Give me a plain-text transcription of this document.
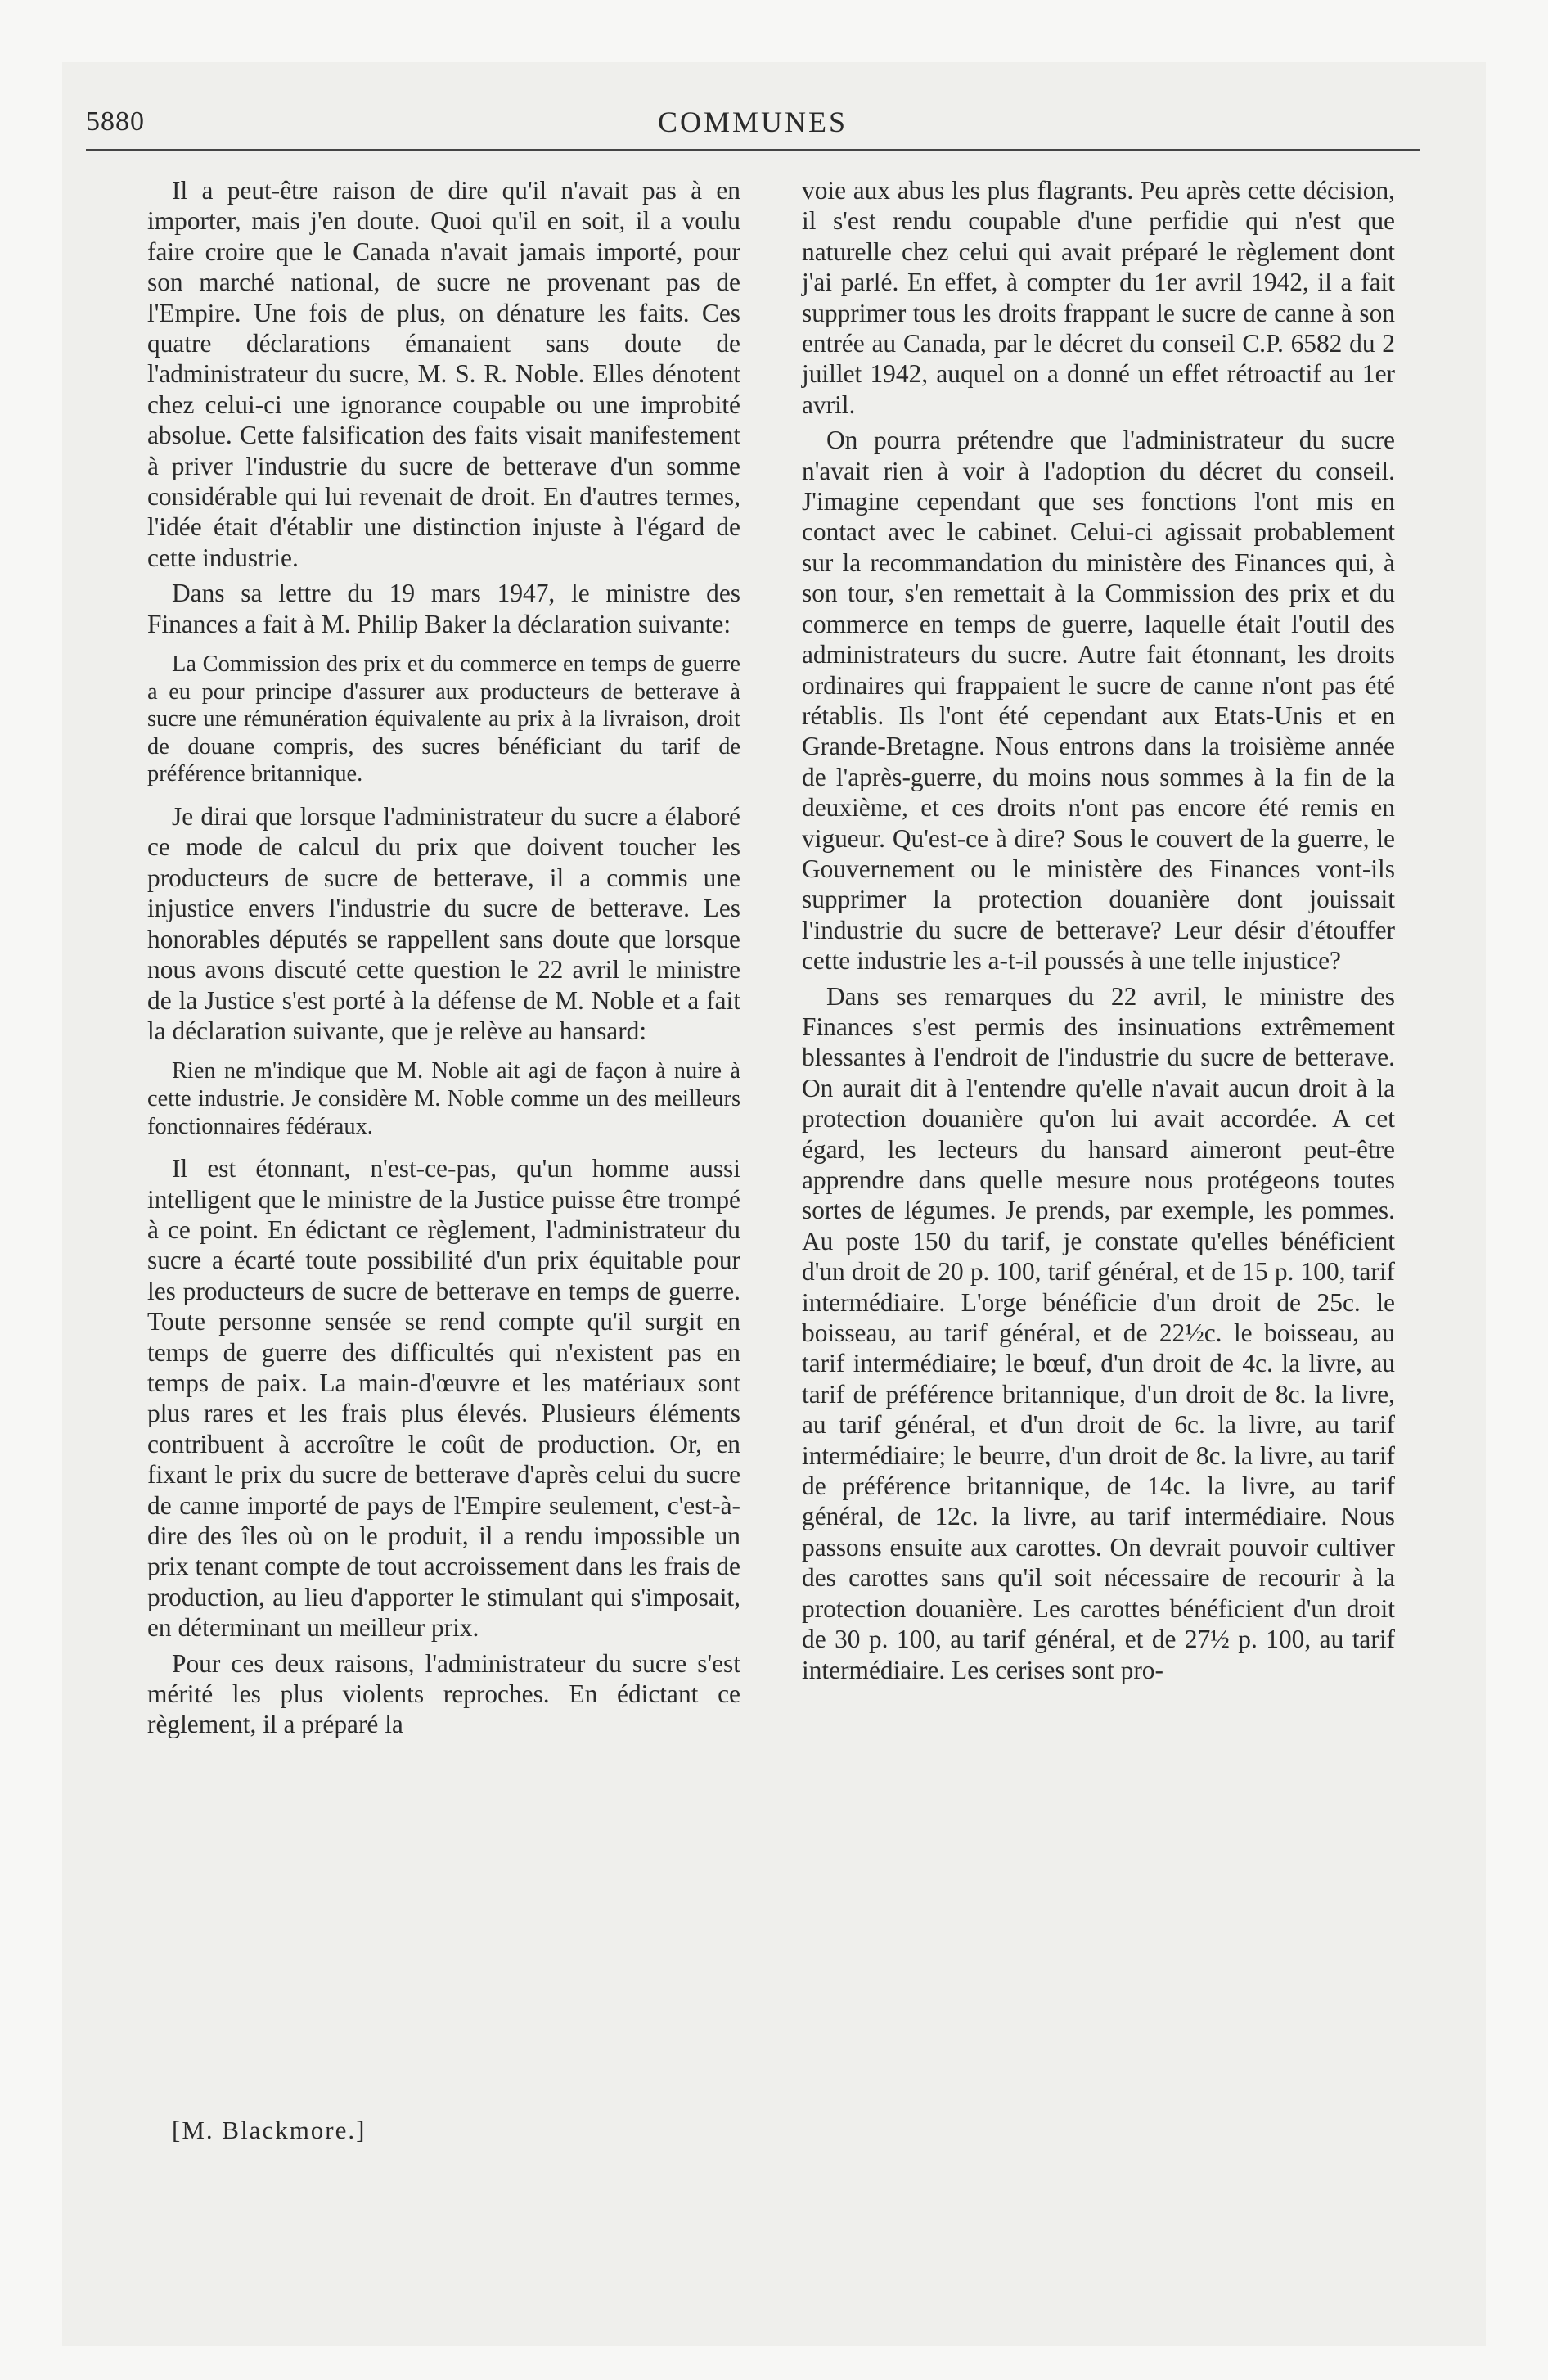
5880	COMMUNES

Il a peut-être raison de dire qu'il n'avait pas à en importer, mais j'en doute. Quoi qu'il en soit, il a voulu faire croire que le Canada n'avait jamais importé, pour son marché national, de sucre ne provenant pas de l'Empire. Une fois de plus, on dénature les faits. Ces quatre déclarations émanaient sans doute de l'administrateur du sucre, M. S. R. Noble. Elles dénotent chez celui-ci une ignorance coupable ou une improbité absolue. Cette falsification des faits visait manifestement à priver l'industrie du sucre de betterave d'un somme considérable qui lui revenait de droit. En d'autres termes, l'idée était d'établir une distinction injuste à l'égard de cette industrie.

Dans sa lettre du 19 mars 1947, le ministre des Finances a fait à M. Philip Baker la déclaration suivante:

La Commission des prix et du commerce en temps de guerre a eu pour principe d'assurer aux producteurs de betterave à sucre une rémunération équivalente au prix à la livraison, droit de douane compris, des sucres bénéficiant du tarif de préférence britannique.

Je dirai que lorsque l'administrateur du sucre a élaboré ce mode de calcul du prix que doivent toucher les producteurs de sucre de betterave, il a commis une injustice envers l'industrie du sucre de betterave. Les honorables députés se rappellent sans doute que lorsque nous avons discuté cette question le 22 avril le ministre de la Justice s'est porté à la défense de M. Noble et a fait la déclaration suivante, que je relève au hansard:

Rien ne m'indique que M. Noble ait agi de façon à nuire à cette industrie. Je considère M. Noble comme un des meilleurs fonctionnaires fédéraux.

Il est étonnant, n'est-ce-pas, qu'un homme aussi intelligent que le ministre de la Justice puisse être trompé à ce point. En édictant ce règlement, l'administrateur du sucre a écarté toute possibilité d'un prix équitable pour les producteurs de sucre de betterave en temps de guerre. Toute personne sensée se rend compte qu'il surgit en temps de guerre des difficultés qui n'existent pas en temps de paix. La main-d'œuvre et les matériaux sont plus rares et les frais plus élevés. Plusieurs éléments contribuent à accroître le coût de production. Or, en fixant le prix du sucre de betterave d'après celui du sucre de canne importé de pays de l'Empire seulement, c'est-à-dire des îles où on le produit, il a rendu impossible un prix tenant compte de tout accroissement dans les frais de production, au lieu d'apporter le stimulant qui s'imposait, en déterminant un meilleur prix.

Pour ces deux raisons, l'administrateur du sucre s'est mérité les plus violents reproches. En édictant ce règlement, il a préparé la

[M. Blackmore.]

voie aux abus les plus flagrants. Peu après cette décision, il s'est rendu coupable d'une perfidie qui n'est que naturelle chez celui qui avait préparé le règlement dont j'ai parlé. En effet, à compter du 1er avril 1942, il a fait supprimer tous les droits frappant le sucre de canne à son entrée au Canada, par le décret du conseil C.P. 6582 du 2 juillet 1942, auquel on a donné un effet rétroactif au 1er avril.

On pourra prétendre que l'administrateur du sucre n'avait rien à voir à l'adoption du décret du conseil. J'imagine cependant que ses fonctions l'ont mis en contact avec le cabinet. Celui-ci agissait probablement sur la recommandation du ministère des Finances qui, à son tour, s'en remettait à la Commission des prix et du commerce en temps de guerre, laquelle était l'outil des administrateurs du sucre. Autre fait étonnant, les droits ordinaires qui frappaient le sucre de canne n'ont pas été rétablis. Ils l'ont été cependant aux Etats-Unis et en Grande-Bretagne. Nous entrons dans la troisième année de l'après-guerre, du moins nous sommes à la fin de la deuxième, et ces droits n'ont pas encore été remis en vigueur. Qu'est-ce à dire? Sous le couvert de la guerre, le Gouvernement ou le ministère des Finances vont-ils supprimer la protection douanière dont jouissait l'industrie du sucre de betterave? Leur désir d'étouffer cette industrie les a-t-il poussés à une telle injustice?

Dans ses remarques du 22 avril, le ministre des Finances s'est permis des insinuations extrêmement blessantes à l'endroit de l'industrie du sucre de betterave. On aurait dit à l'entendre qu'elle n'avait aucun droit à la protection douanière qu'on lui avait accordée. A cet égard, les lecteurs du hansard aimeront peut-être apprendre dans quelle mesure nous protégeons toutes sortes de légumes. Je prends, par exemple, les pommes. Au poste 150 du tarif, je constate qu'elles bénéficient d'un droit de 20 p. 100, tarif général, et de 15 p. 100, tarif intermédiaire. L'orge bénéficie d'un droit de 25c. le boisseau, au tarif général, et de 22½c. le boisseau, au tarif intermédiaire; le bœuf, d'un droit de 4c. la livre, au tarif de préférence britannique, d'un droit de 8c. la livre, au tarif général, et d'un droit de 6c. la livre, au tarif intermédiaire; le beurre, d'un droit de 8c. la livre, au tarif de préférence britannique, de 14c. la livre, au tarif général, de 12c. la livre, au tarif intermédiaire. Nous passons ensuite aux carottes. On devrait pouvoir cultiver des carottes sans qu'il soit nécessaire de recourir à la protection douanière. Les carottes bénéficient d'un droit de 30 p. 100, au tarif général, et de 27½ p. 100, au tarif intermédiaire. Les cerises sont pro-
